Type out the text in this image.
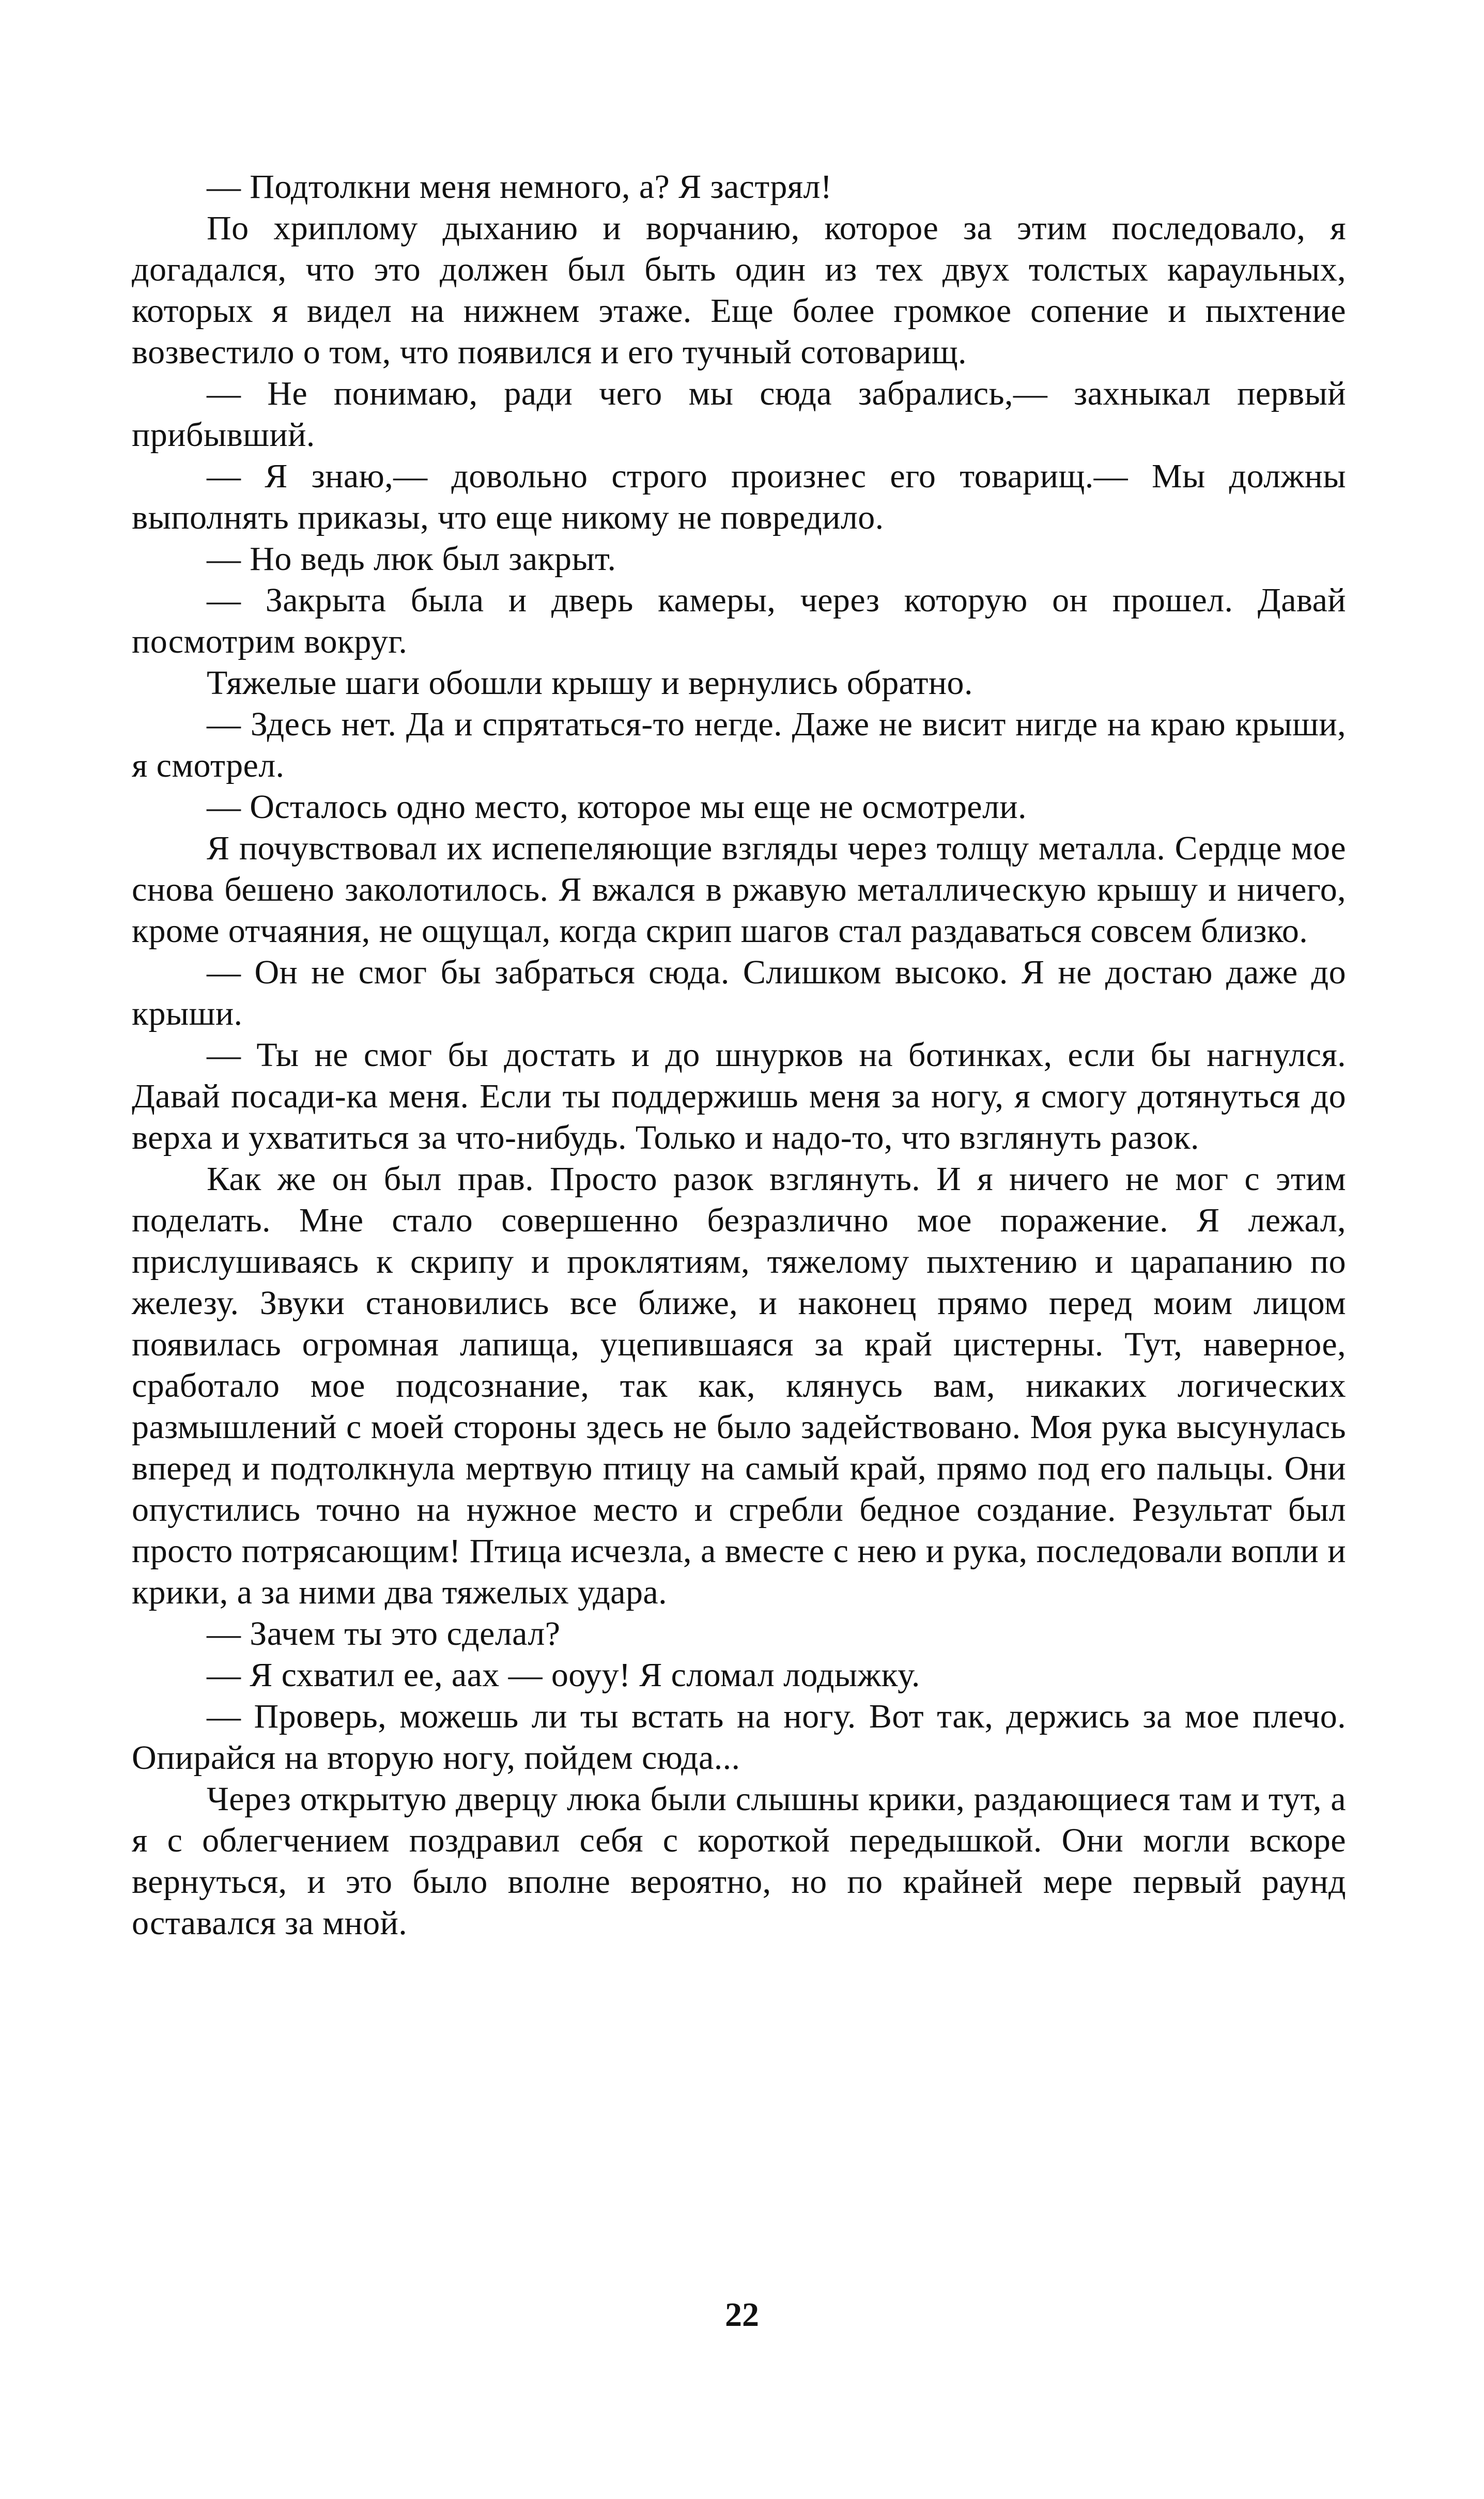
— Подтолкни меня немного, а? Я застрял!

По хриплому дыханию и ворчанию, которое за этим последовало, я догадался, что это должен был быть один из тех двух толстых караульных, которых я видел на нижнем этаже. Еще более громкое сопение и пыхтение возвестило о том, что появился и его тучный сотоварищ.

— Не понимаю, ради чего мы сюда забрались,— захныкал первый прибывший.

— Я знаю,— довольно строго произнес его товарищ.— Мы должны выполнять приказы, что еще никому не повредило.

— Но ведь люк был закрыт.

— Закрыта была и дверь камеры, через которую он прошел. Давай посмотрим вокруг.

Тяжелые шаги обошли крышу и вернулись обратно.

— Здесь нет. Да и спрятаться-то негде. Даже не висит нигде на краю крыши, я смотрел.

— Осталось одно место, которое мы еще не осмотрели.

Я почувствовал их испепеляющие взгляды через толщу металла. Сердце мое снова бешено заколотилось. Я вжался в ржавую металлическую крышу и ничего, кроме отчаяния, не ощущал, когда скрип шагов стал раздаваться совсем близко.

— Он не смог бы забраться сюда. Слишком высоко. Я не достаю даже до крыши.

— Ты не смог бы достать и до шнурков на ботинках, если бы нагнулся. Давай посади-ка меня. Если ты поддержишь меня за ногу, я смогу дотянуться до верха и ухватиться за что-нибудь. Только и надо-то, что взглянуть разок.

Как же он был прав. Просто разок взглянуть. И я ничего не мог с этим поделать. Мне стало совершенно безразлично мое поражение. Я лежал, прислушиваясь к скрипу и проклятиям, тяжелому пыхтению и царапанию по железу. Звуки становились все ближе, и наконец прямо перед моим лицом появилась огромная лапища, уцепившаяся за край цистерны. Тут, наверное, сработало мое подсознание, так как, клянусь вам, никаких логических размышлений с моей стороны здесь не было задействовано. Моя рука высунулась вперед и подтолкнула мертвую птицу на самый край, прямо под его пальцы. Они опустились точно на нужное место и сгребли бедное создание. Результат был просто потрясающим! Птица исчезла, а вместе с нею и рука, последовали вопли и крики, а за ними два тяжелых удара.

— Зачем ты это сделал?

— Я схватил ее, аах — ооуу! Я сломал лодыжку.

— Проверь, можешь ли ты встать на ногу. Вот так, держись за мое плечо. Опирайся на вторую ногу, пойдем сюда...

Через открытую дверцу люка были слышны крики, раздающиеся там и тут, а я с облегчением поздравил себя с короткой передышкой. Они могли вскоре вернуться, и это было вполне вероятно, но по крайней мере первый раунд оставался за мной.

22
